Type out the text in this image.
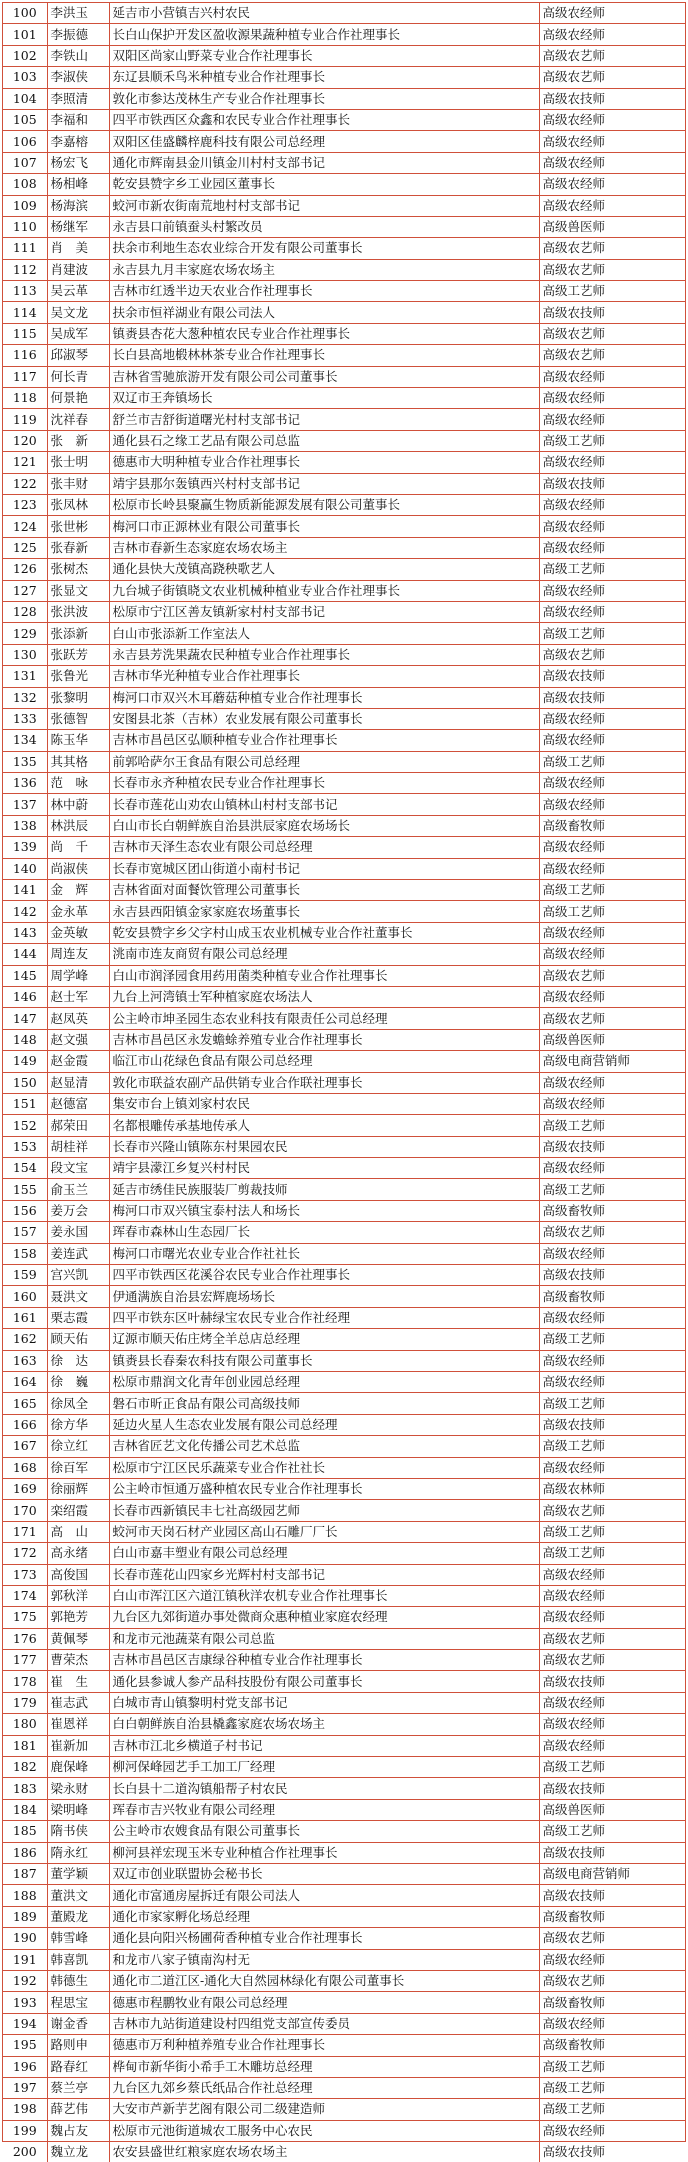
100	李洪玉	延吉市小营镇吉兴村农民	高级农经师
101	李振德	长白山保护开发区盈收源果蔬种植专业合作社理事长	高级农经师
102	李铁山	双阳区尚家山野菜专业合作社理事长	高级农艺师
103	李淑侠	东辽县顺禾鸟米种植专业合作社理事长	高级农艺师
104	李照清	敦化市参达茂林生产专业合作社理事长	高级农技师
105	李福和	四平市铁西区众鑫和农民专业合作社理事长	高级农经师
106	李嘉榕	双阳区佳盛麟梓鹿科技有限公司总经理	高级农经师
107	杨宏飞	通化市辉南县金川镇金川村村支部书记	高级农经师
108	杨相峰	乾安县赞字乡工业园区董事长	高级农经师
109	杨海滨	蛟河市新农街南荒地村村支部书记	高级农经师
110	杨继军	永吉县口前镇蚕头村繁改员	高级兽医师
111	肖　美	扶余市利地生态农业综合开发有限公司董事长	高级农艺师
112	肖建波	永吉县九月丰家庭农场农场主	高级农艺师
113	吴云革	吉林市红透半边天农业合作社理事长	高级工艺师
114	吴文龙	扶余市恒祥湖业有限公司法人	高级农技师
115	吴成军	镇赉县杏花大葱种植农民专业合作社理事长	高级农艺师
116	邱淑琴	长白县高地椴林林茶专业合作社理事长	高级农艺师
117	何长青	吉林省雪驰旅游开发有限公司公司董事长	高级农经师
118	何景艳	双辽市王奔镇场长	高级农经师
119	沈祥春	舒兰市吉舒街道曙光村村支部书记	高级农经师
120	张　新	通化县石之缘工艺品有限公司总监	高级工艺师
121	张士明	德惠市大明种植专业合作社理事长	高级农经师
122	张丰财	靖宇县那尔轰镇西兴村村支部书记	高级农技师
123	张凤林	松原市长岭县聚赢生物质新能源发展有限公司董事长	高级农经师
124	张世彬	梅河口市正源林业有限公司董事长	高级农经师
125	张春新	吉林市春新生态家庭农场农场主	高级农经师
126	张树杰	通化县快大茂镇高跷秧歌艺人	高级工艺师
127	张显文	九台城子街镇晓文农业机械种植业专业合作社理事长	高级农经师
128	张洪波	松原市宁江区善友镇新家村村支部书记	高级农经师
129	张添新	白山市张添新工作室法人	高级工艺师
130	张跃芳	永吉县芳洗果蔬农民种植专业合作社理事长	高级农艺师
131	张鲁光	吉林市华光种植专业合作社理事长	高级农技师
132	张黎明	梅河口市双兴木耳蘑菇种植专业合作社理事长	高级农技师
133	张德智	安图县北茶（吉林）农业发展有限公司董事长	高级农经师
134	陈玉华	吉林市昌邑区弘顺种植专业合作社理事长	高级农经师
135	其其格	前郭哈萨尔王食品有限公司总经理	高级工艺师
136	范　咏	长春市永齐种植农民专业合作社理事长	高级农经师
137	林中蔚	长春市莲花山劝农山镇林山村村支部书记	高级农经师
138	林洪辰	白山市长白朝鲜族自治县洪辰家庭农场场长	高级畜牧师
139	尚　千	吉林市天泽生态农业有限公司总经理	高级农经师
140	尚淑侠	长春市宽城区团山街道小南村书记	高级农经师
141	金　辉	吉林省面对面餐饮管理公司董事长	高级工艺师
142	金永革	永吉县西阳镇金家家庭农场董事长	高级工艺师
143	金英敏	乾安县赞字乡父字村山成玉农业机械专业合作社董事长	高级农经师
144	周连友	洮南市连友商贸有限公司总经理	高级农经师
145	周学峰	白山市润泽园食用药用菌类种植专业合作社理事长	高级农艺师
146	赵士军	九台上河湾镇士军种植家庭农场法人	高级农经师
147	赵凤英	公主岭市坤圣园生态农业科技有限责任公司总经理	高级农艺师
148	赵文强	吉林市昌邑区永发蟾蜍养殖专业合作社理事长	高级兽医师
149	赵金霞	临江市山花绿色食品有限公司总经理	高级电商营销师
150	赵显清	敦化市联益农副产品供销专业合作联社理事长	高级农经师
151	赵德富	集安市台上镇刘家村农民	高级农经师
152	郝荣田	名都根雕传承基地传承人	高级工艺师
153	胡桂祥	长春市兴隆山镇陈东村果园农民	高级农技师
154	段文宝	靖宇县濛江乡复兴村村民	高级农经师
155	俞玉兰	延吉市绣佳民族服装厂剪裁技师	高级工艺师
156	姜万会	梅河口市双兴镇宝泰村法人和场长	高级畜牧师
157	姜永国	珲春市森林山生态园厂长	高级农艺师
158	姜连武	梅河口市曙光农业专业合作社社长	高级农经师
159	宫兴凯	四平市铁西区花溪谷农民专业合作社理事长	高级农技师
160	聂洪文	伊通满族自治县宏辉鹿场场长	高级畜牧师
161	栗志霞	四平市铁东区叶赫绿宝农民专业合作社经理	高级农经师
162	顾天佑	辽源市顺天佑庄烤全羊总店总经理	高级工艺师
163	徐　达	镇赉县长春秦农科技有限公司董事长	高级农经师
164	徐　巍	松原市鼎润文化青年创业园总经理	高级农经师
165	徐凤全	磐石市昕正食品有限公司高级技师	高级工艺师
166	徐方华	延边火星人生态农业发展有限公司总经理	高级农技师
167	徐立红	吉林省匠艺文化传播公司艺术总监	高级工艺师
168	徐百军	松原市宁江区民乐蔬菜专业合作社社长	高级农经师
169	徐丽辉	公主岭市恒通万盛种植农民专业合作社理事长	高级农林师
170	栾绍霞	长春市西新镇民丰七社高级园艺师	高级农艺师
171	高　山	蛟河市天岗石材产业园区高山石雕厂厂长	高级工艺师
172	高永绪	白山市嘉丰塑业有限公司总经理	高级工艺师
173	高俊国	长春市莲花山四家乡光辉村村支部书记	高级农经师
174	郭秋洋	白山市浑江区六道江镇秋洋农机专业合作社理事长	高级农经师
175	郭艳芳	九台区九郊街道办事处微商众惠种植业家庭农经理	高级农经师
176	黄佩琴	和龙市元池蔬菜有限公司总监	高级农艺师
177	曹荣杰	吉林市昌邑区吉康绿谷种植专业合作社理事长	高级农艺师
178	崔　生	通化县参诚人参产品科技股份有限公司董事长	高级农技师
179	崔志武	白城市青山镇黎明村党支部书记	高级农经师
180	崔恩祥	白白朝鲜族自治县橇鑫家庭农场农场主	高级农经师
181	崔新加	吉林市江北乡横道子村书记	高级农经师
182	鹿保峰	柳河保峰园艺手工加工厂经理	高级工艺师
183	梁永财	长白县十二道沟镇船帮子村农民	高级农技师
184	梁明峰	珲春市吉兴牧业有限公司经理	高级兽医师
185	隋书侠	公主岭市农嫂食品有限公司董事长	高级工艺师
186	隋永红	柳河县祥宏现玉米专业种植合作社理事长	高级农技师
187	董学颖	双辽市创业联盟协会秘书长	高级电商营销师
188	董洪文	通化市富通房屋拆迁有限公司法人	高级农技师
189	董殿龙	通化市家家孵化场总经理	高级畜牧师
190	韩雪峰	通化县向阳兴杨圃荷香种植专业合作社理事长	高级农艺师
191	韩喜凯	和龙市八家子镇南沟村无	高级农经师
192	韩德生	通化市二道江区-通化大自然园林绿化有限公司董事长	高级农艺师
193	程思宝	德惠市程鹏牧业有限公司总经理	高级畜牧师
194	谢金香	吉林市九站街道建设村四组党支部宣传委员	高级农经师
195	路则申	德惠市万利种植养殖专业合作社理事长	高级畜牧师
196	路春红	桦甸市新华街小希手工木雕坊总经理	高级工艺师
197	蔡兰亭	九台区九郊乡蔡氏纸品合作社总经理	高级工艺师
198	薛艺伟	大安市芦新芋艺阁有限公司二级建造师	高级工艺师
199	魏占友	松原市元池街道城农工服务中心农民	高级农经师
200	魏立龙	农安县盛世红粮家庭农场农场主	高级农技师
